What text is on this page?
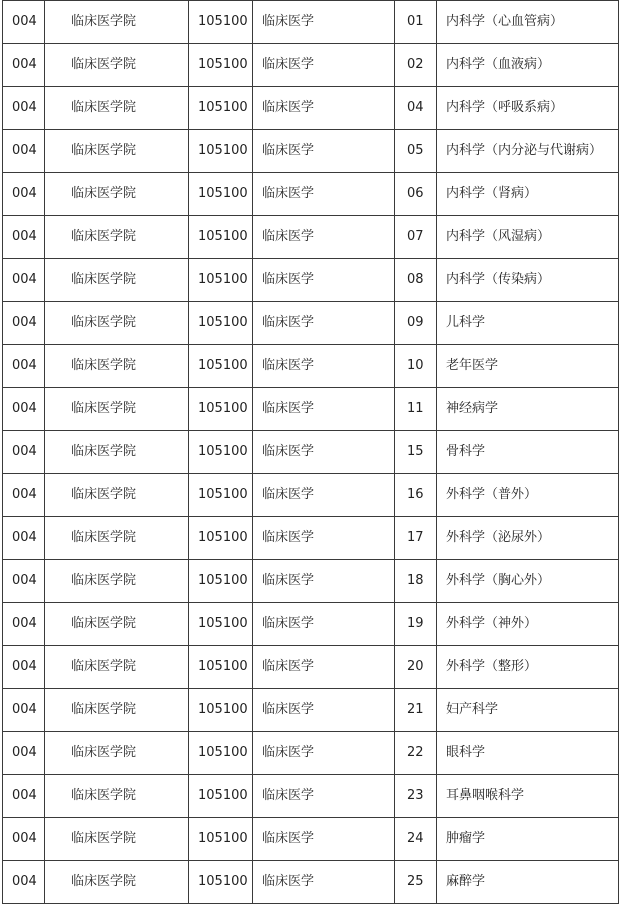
004	临床医学院	105100	临床医学	01	内科学（心血管病）
004	临床医学院	105100	临床医学	02	内科学（血液病）
004	临床医学院	105100	临床医学	04	内科学（呼吸系病）
004	临床医学院	105100	临床医学	05	内科学（内分泌与代谢病）
004	临床医学院	105100	临床医学	06	内科学（肾病）
004	临床医学院	105100	临床医学	07	内科学（风湿病）
004	临床医学院	105100	临床医学	08	内科学（传染病）
004	临床医学院	105100	临床医学	09	儿科学
004	临床医学院	105100	临床医学	10	老年医学
004	临床医学院	105100	临床医学	11	神经病学
004	临床医学院	105100	临床医学	15	骨科学
004	临床医学院	105100	临床医学	16	外科学（普外）
004	临床医学院	105100	临床医学	17	外科学（泌尿外）
004	临床医学院	105100	临床医学	18	外科学（胸心外）
004	临床医学院	105100	临床医学	19	外科学（神外）
004	临床医学院	105100	临床医学	20	外科学（整形）
004	临床医学院	105100	临床医学	21	妇产科学
004	临床医学院	105100	临床医学	22	眼科学
004	临床医学院	105100	临床医学	23	耳鼻咽喉科学
004	临床医学院	105100	临床医学	24	肿瘤学
004	临床医学院	105100	临床医学	25	麻醉学
